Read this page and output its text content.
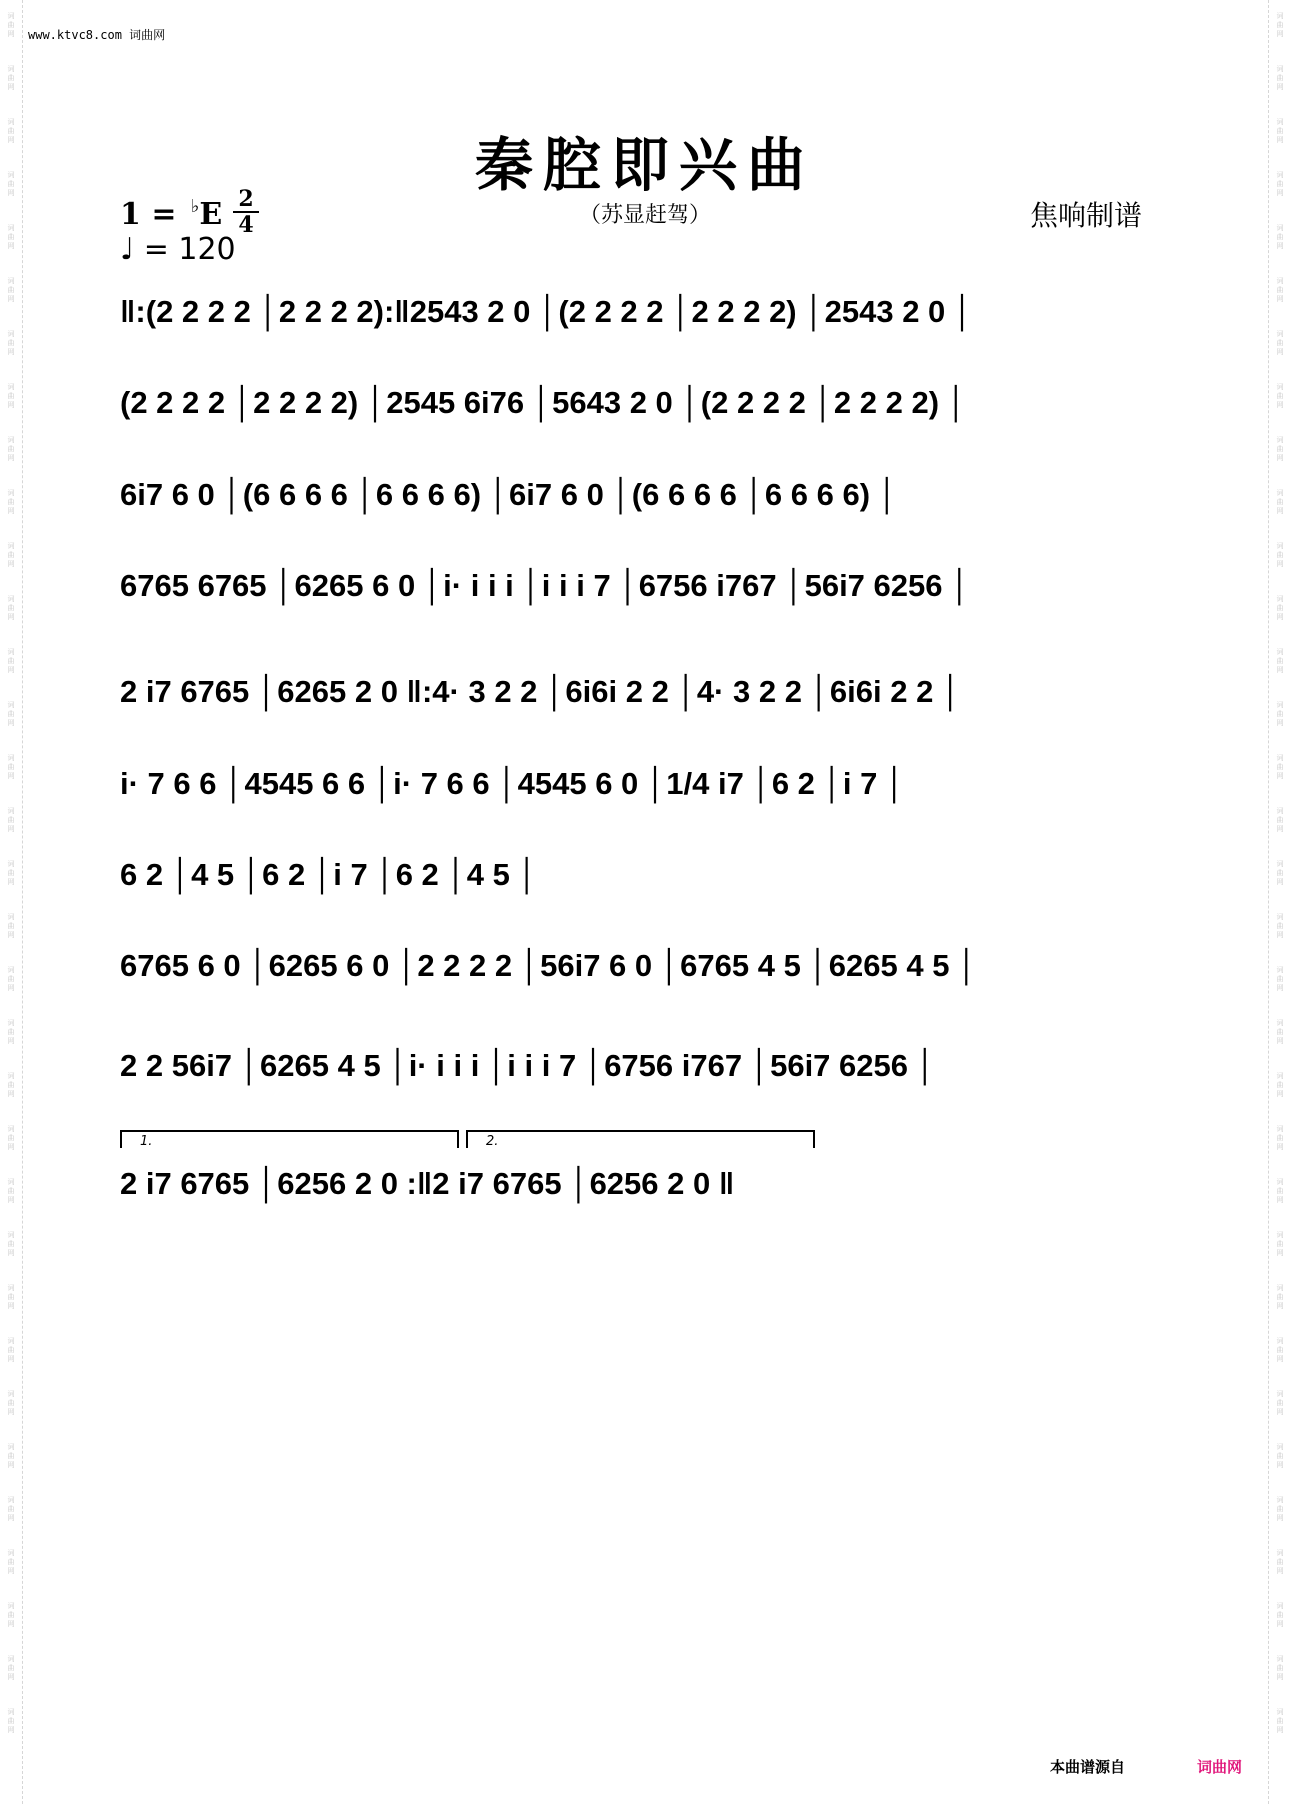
词
曲
网
词
曲
网
词
曲
网
词
曲
网
词
曲
网
词
曲
网
词
曲
网
词
曲
网
词
曲
网
词
曲
网
词
曲
网
词
曲
网
词
曲
网
词
曲
网
词
曲
网
词
曲
网
词
曲
网
词
曲
网
词
曲
网
词
曲
网
词
曲
网
词
曲
网
词
曲
网
词
曲
网
词
曲
网
词
曲
网
词
曲
网
词
曲
网
词
曲
网
词
曲
网
词
曲
网
词
曲
网
词
曲
网
词
曲
网
词
曲
网
词
曲
网
词
曲
网
词
曲
网
词
曲
网
词
曲
网
词
曲
网
词
曲
网
词
曲
网
词
曲
网
词
曲
网
词
曲
网
词
曲
网
词
曲
网
词
曲
网
词
曲
网
词
曲
网
词
曲
网
词
曲
网
词
曲
网
词
曲
网
词
曲
网
词
曲
网
词
曲
网
词
曲
网
词
曲
网
词
曲
网
词
曲
网
词
曲
网
词
曲
网
词
曲
网
词
曲
网
www.ktvc8.com 词曲网
秦腔即兴曲
（苏显赶驾）	焦响制谱
1 = ♭E 2
4
♩ = 120
‖:(2 2 2 2 │2 2 2 2):‖2543 2 0 │(2 2 2 2 │2 2 2 2) │2543 2 0 │
(2 2 2 2 │2 2 2 2) │2545 6i76 │5643 2 0 │(2 2 2 2 │2 2 2 2) │
6i7 6 0 │(6 6 6 6 │6 6 6 6) │6i7 6 0 │(6 6 6 6 │6 6 6 6) │
6765 6765 │6265 6 0 │i· i i i │i i i 7 │6756 i767 │56i7 6256 │
2 i7 6765 │6265 2 0 ‖:4· 3 2 2 │6i6i 2 2 │4· 3 2 2 │6i6i 2 2 │
i· 7 6 6 │4545 6 6 │i· 7 6 6 │4545 6 0 │1/4 i7 │6 2 │i 7 │
6 2 │4 5 │6 2 │i 7 │6 2 │4 5 │
6765 6 0 │6265 6 0 │2 2 2 2 │56i7 6 0 │6765 4 5 │6265 4 5 │
2 2 56i7 │6265 4 5 │i· i i i │i i i 7 │6756 i767 │56i7 6256 │
1.	2.
2 i7 6765 │6256 2 0 :‖2 i7 6765 │6256 2 0 ‖
本曲谱源自	词曲网
